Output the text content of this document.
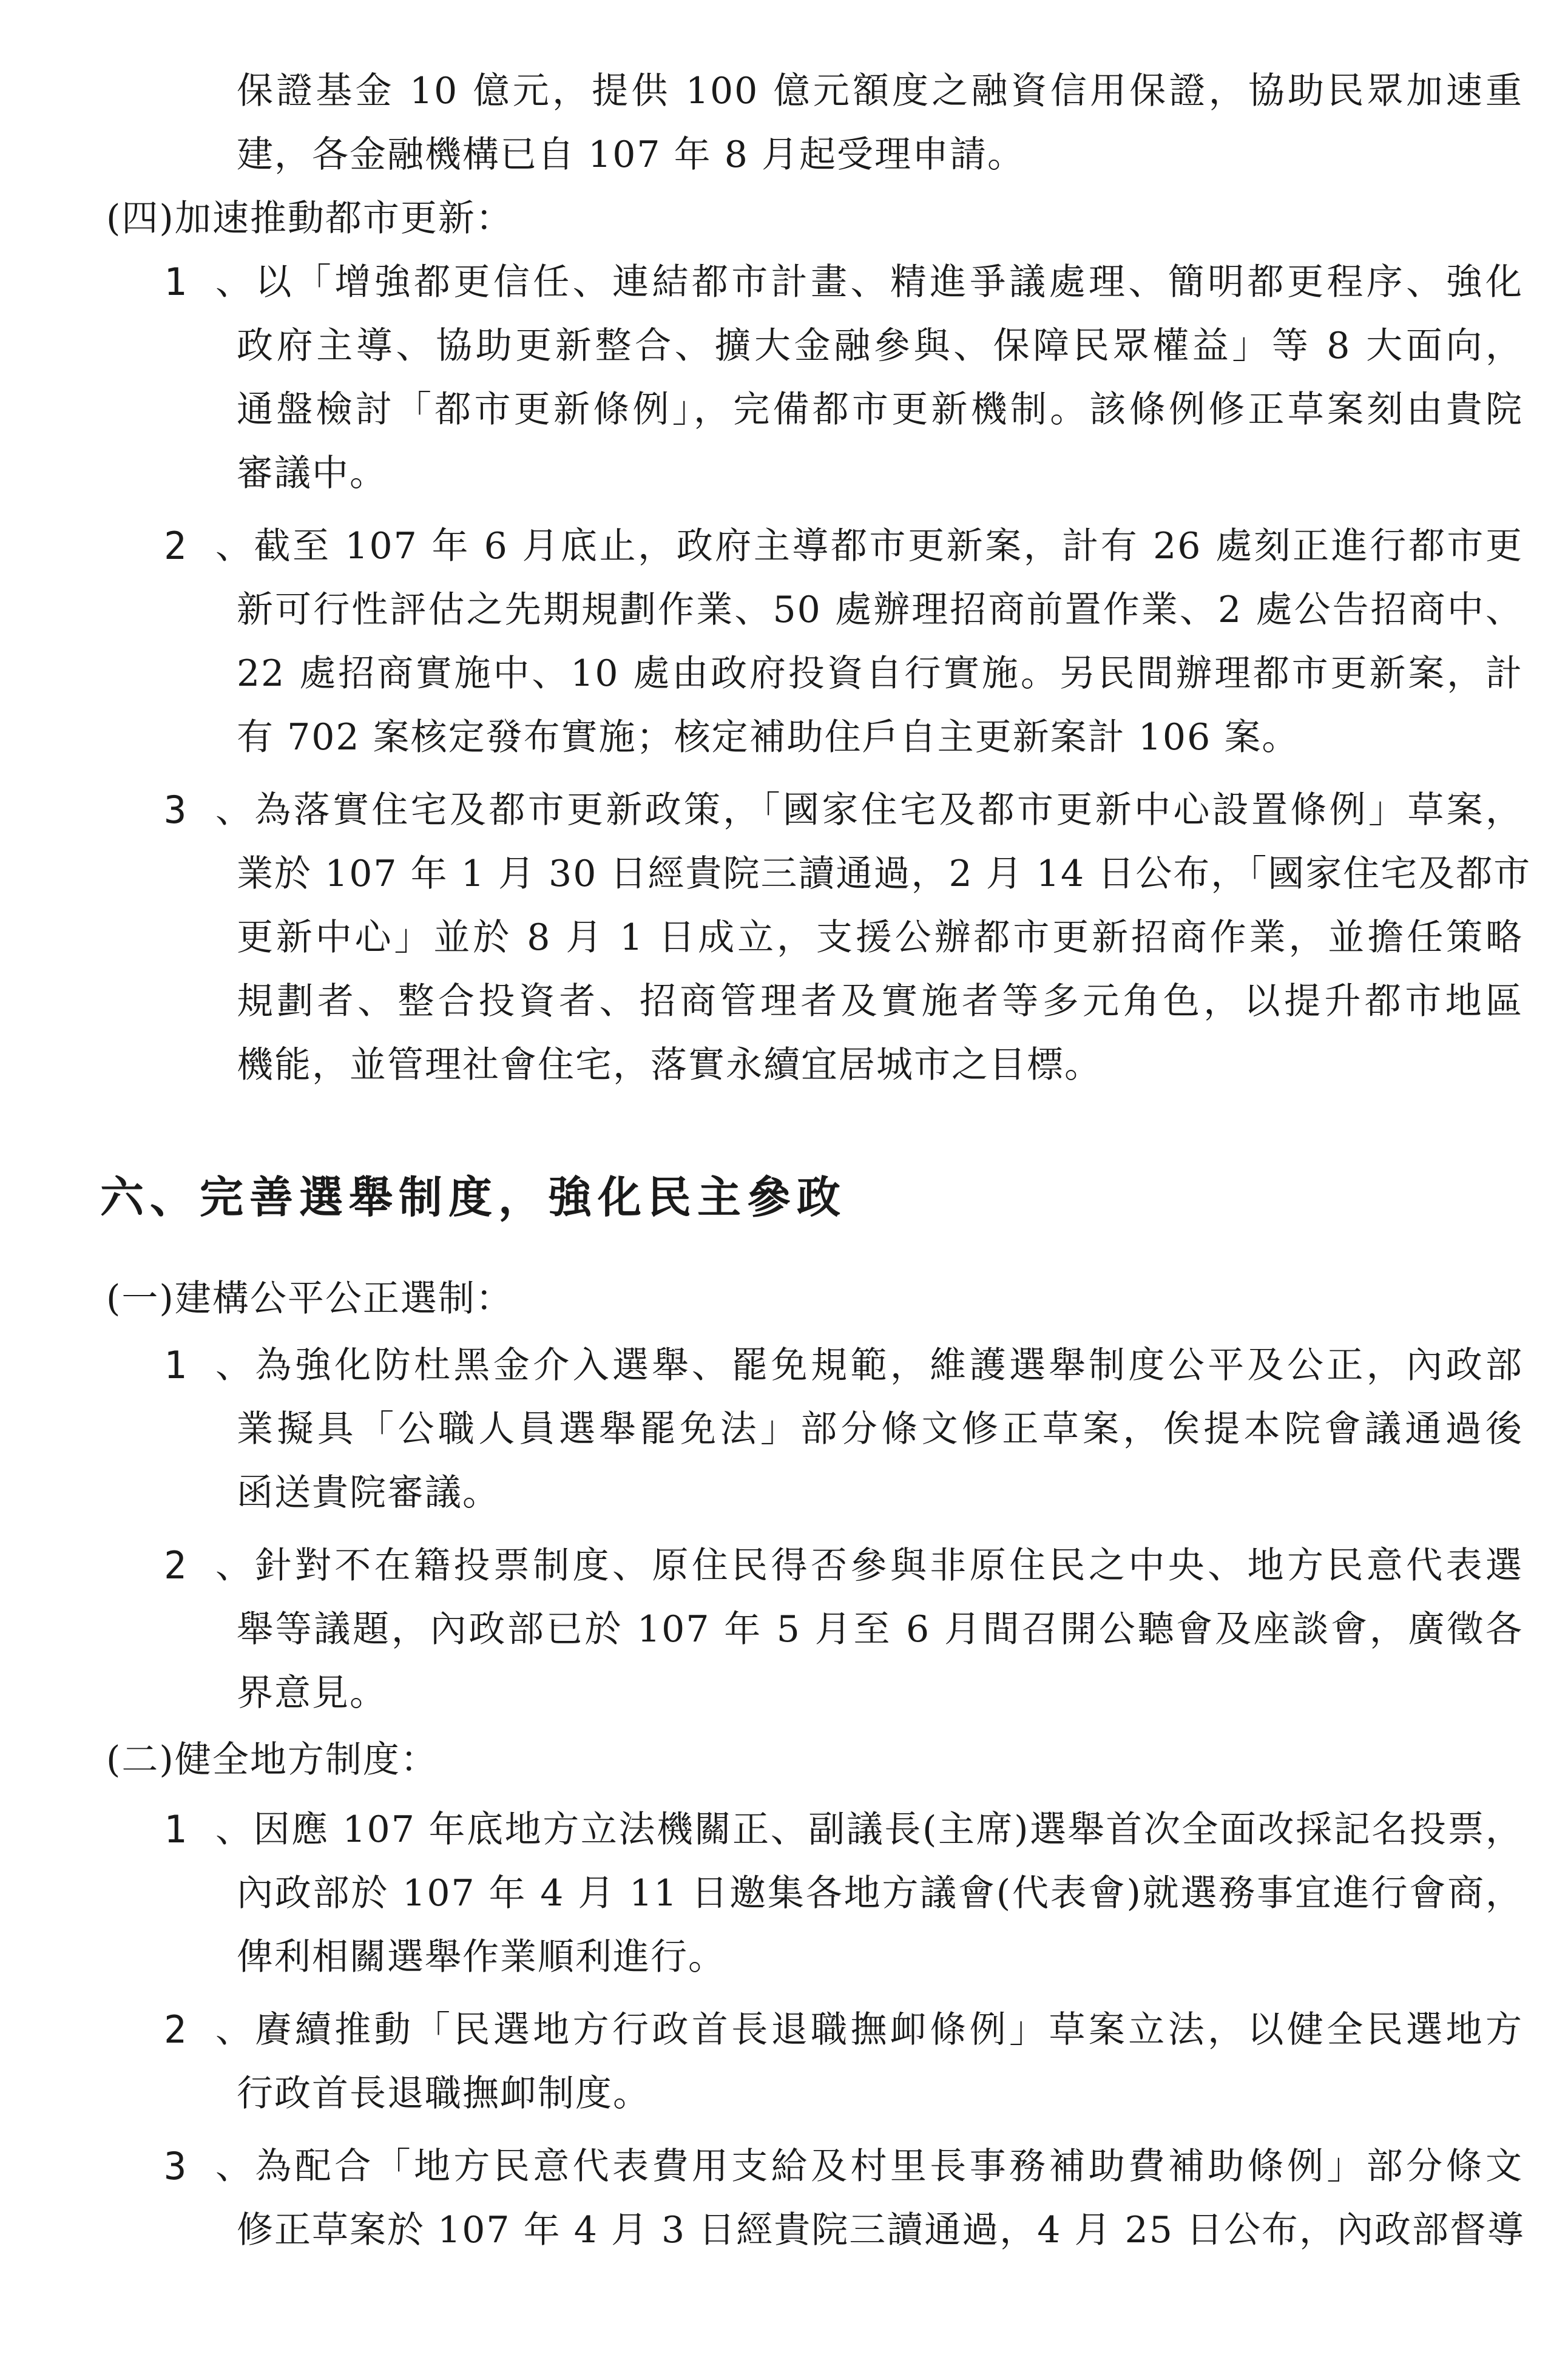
保證基金 10 億元，提供 100 億元額度之融資信用保證，協助民眾加速重
建，各金融機構已自 107 年 8 月起受理申請。
(四)加速推動都市更新：
1 、以「增強都更信任、連結都市計畫、精進爭議處理、簡明都更程序、強化
政府主導、協助更新整合、擴大金融參與、保障民眾權益」等 8 大面向，
通盤檢討「都市更新條例」，完備都市更新機制。該條例修正草案刻由貴院
審議中。
2 、截至 107 年 6 月底止，政府主導都市更新案，計有 26 處刻正進行都市更
新可行性評估之先期規劃作業、50 處辦理招商前置作業、2 處公告招商中、
22 處招商實施中、10 處由政府投資自行實施。另民間辦理都市更新案，計
有 702 案核定發布實施；核定補助住戶自主更新案計 106 案。
3 、為落實住宅及都市更新政策，「國家住宅及都市更新中心設置條例」草案，
業於 107 年 1 月 30 日經貴院三讀通過，2 月 14 日公布，「國家住宅及都市
更新中心」並於 8 月 1 日成立，支援公辦都市更新招商作業，並擔任策略
規劃者、整合投資者、招商管理者及實施者等多元角色，以提升都市地區
機能，並管理社會住宅，落實永續宜居城市之目標。
六、完善選舉制度，強化民主參政
(一)建構公平公正選制：
1 、為強化防杜黑金介入選舉、罷免規範，維護選舉制度公平及公正，內政部
業擬具「公職人員選舉罷免法」部分條文修正草案，俟提本院會議通過後
函送貴院審議。
2 、針對不在籍投票制度、原住民得否參與非原住民之中央、地方民意代表選
舉等議題，內政部已於 107 年 5 月至 6 月間召開公聽會及座談會，廣徵各
界意見。
(二)健全地方制度：
1 、因應 107 年底地方立法機關正、副議長(主席)選舉首次全面改採記名投票，
內政部於 107 年 4 月 11 日邀集各地方議會(代表會)就選務事宜進行會商，
俾利相關選舉作業順利進行。
2 、賡續推動「民選地方行政首長退職撫卹條例」草案立法，以健全民選地方
行政首長退職撫卹制度。
3 、為配合「地方民意代表費用支給及村里長事務補助費補助條例」部分條文
修正草案於 107 年 4 月 3 日經貴院三讀通過，4 月 25 日公布，內政部督導
